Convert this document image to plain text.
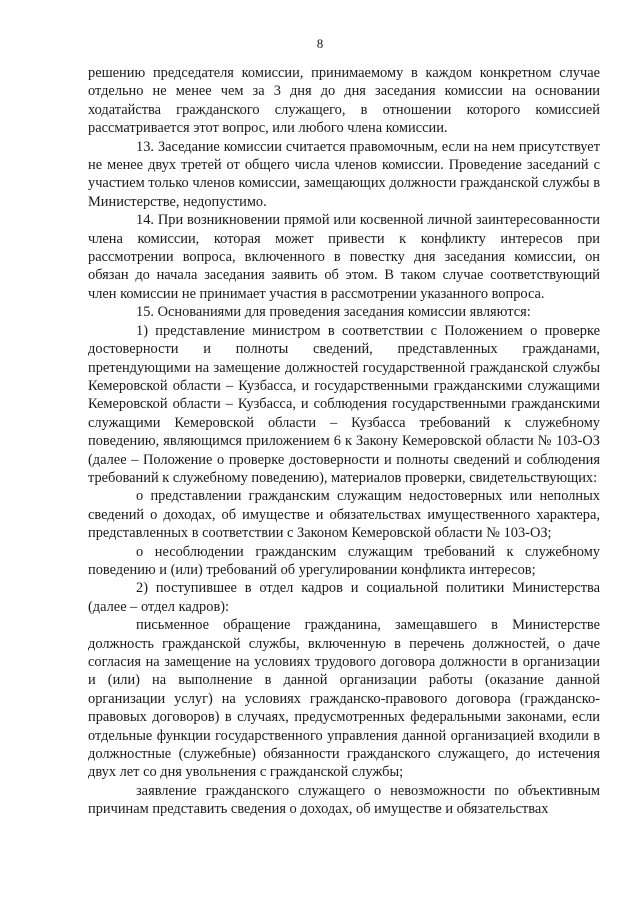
8

решению председателя комиссии, принимаемому в каждом конкретном случае отдельно не менее чем за 3 дня до дня заседания комиссии на основании ходатайства гражданского служащего, в отношении которого комиссией рассматривается этот вопрос, или любого члена комиссии.

13. Заседание комиссии считается правомочным, если на нем присутствует не менее двух третей от общего числа членов комиссии. Проведение заседаний с участием только членов комиссии, замещающих должности гражданской службы в Министерстве, недопустимо.

14. При возникновении прямой или косвенной личной заинтересованности члена комиссии, которая может привести к конфликту интересов при рассмотрении вопроса, включенного в повестку дня заседания комиссии, он обязан до начала заседания заявить об этом. В таком случае соответствующий член комиссии не принимает участия в рассмотрении указанного вопроса.

15. Основаниями для проведения заседания комиссии являются:

1) представление министром в соответствии с Положением о проверке достоверности и полноты сведений, представленных гражданами, претендующими на замещение должностей государственной гражданской службы Кемеровской области – Кузбасса, и государственными гражданскими служащими Кемеровской области – Кузбасса, и соблюдения государственными гражданскими служащими Кемеровской области – Кузбасса требований к служебному поведению, являющимся приложением 6 к Закону Кемеровской области № 103-ОЗ (далее – Положение о проверке достоверности и полноты сведений и соблюдения требований к служебному поведению), материалов проверки, свидетельствующих:

о представлении гражданским служащим недостоверных или неполных сведений о доходах, об имуществе и обязательствах имущественного характера, представленных в соответствии с Законом Кемеровской области № 103-ОЗ;

о несоблюдении гражданским служащим требований к служебному поведению и (или) требований об урегулировании конфликта интересов;

2) поступившее в отдел кадров и социальной политики Министерства (далее – отдел кадров):

письменное обращение гражданина, замещавшего в Министерстве должность гражданской службы, включенную в перечень должностей, о даче согласия на замещение на условиях трудового договора должности в организации и (или) на выполнение в данной организации работы (оказание данной организации услуг) на условиях гражданско-правового договора (гражданско-правовых договоров) в случаях, предусмотренных федеральными законами, если отдельные функции государственного управления данной организацией входили в должностные (служебные) обязанности гражданского служащего, до истечения двух лет со дня увольнения с гражданской службы;

заявление гражданского служащего о невозможности по объективным причинам представить сведения о доходах, об имуществе и обязательствах
